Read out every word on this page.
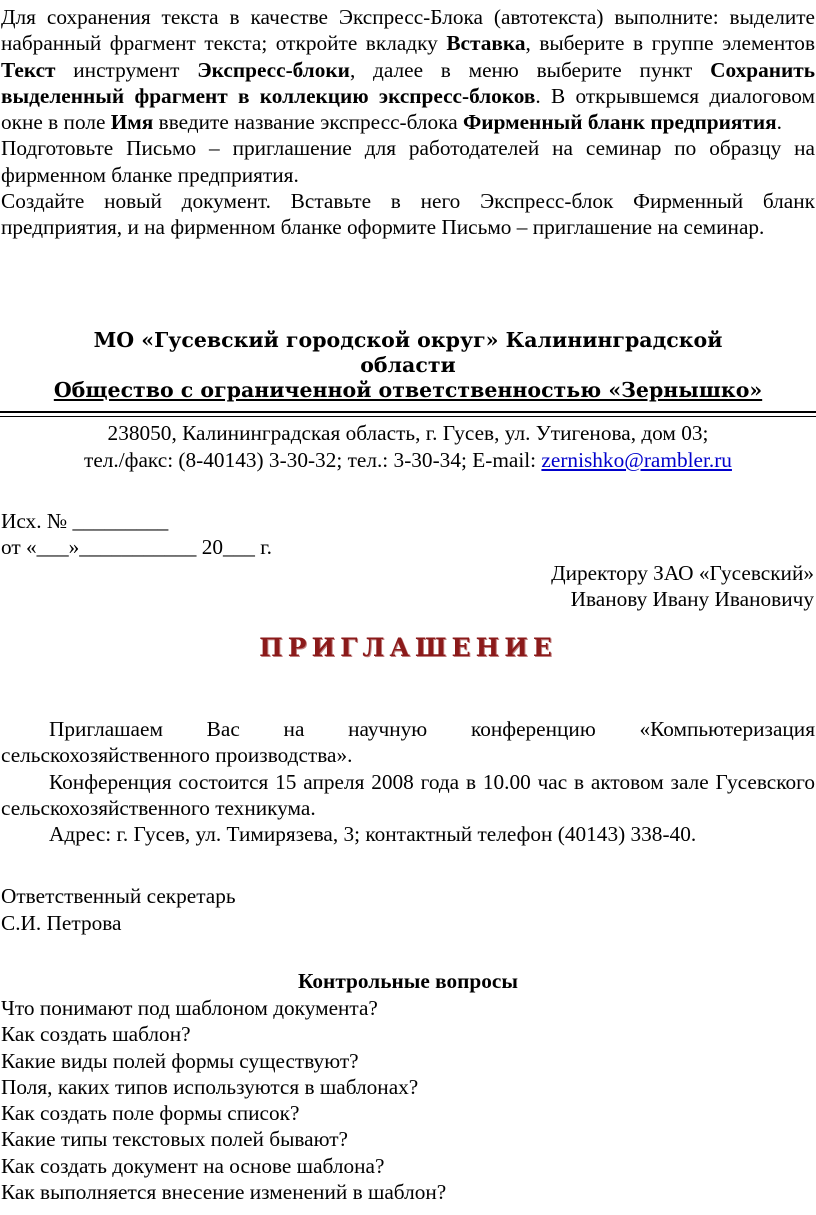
Для сохранения текста в качестве Экспресс-Блока (автотекста) выполните: выделите набранный фрагмент текста; откройте вкладку Вставка, выберите в группе элементов Текст инструмент Экспресс-блоки, далее в меню выберите пункт Сохранить выделенный фрагмент в коллекцию экспресс-блоков. В открывшемся диалоговом окне в поле Имя введите название экспресс-блока Фирменный бланк предприятия.

Подготовьте Письмо – приглашение для работодателей на семинар по образцу на фирменном бланке предприятия.

Создайте новый документ. Вставьте в него Экспресс-блок Фирменный бланк предприятия, и на фирменном бланке оформите Письмо – приглашение на семинар.

МО «Гусевский городской округ» Калининградской

области

Общество с ограниченной ответственностью «Зернышко»

238050, Калининградская область, г. Гусев, ул. Утигенова, дом 03;
тел./факс: (8-40143) 3-30-32; тел.: 3-30-34; E-mail: zernishko@rambler.ru
Исх. № _________
от «___»___________ 20___ г.
Директору ЗАО «Гусевский»
Иванову Ивану Ивановичу
ПРИГЛАШЕНИЕ

Приглашаем Вас на научную конференцию «Компьютеризация сельскохозяйственного производства».

Конференция состоится 15 апреля 2008 года в 10.00 час в актовом зале Гусевского сельскохозяйственного техникума.

Адрес: г. Гусев, ул. Тимирязева, 3; контактный телефон (40143) 338-40.

Ответственный секретарь
С.И. Петрова
Контрольные вопросы
Что понимают под шаблоном документа?
Как создать шаблон?
Какие виды полей формы существуют?
Поля, каких типов используются в шаблонах?
Как создать поле формы список?
Какие типы текстовых полей бывают?
Как создать документ на основе шаблона?
Как выполняется внесение изменений в шаблон?
